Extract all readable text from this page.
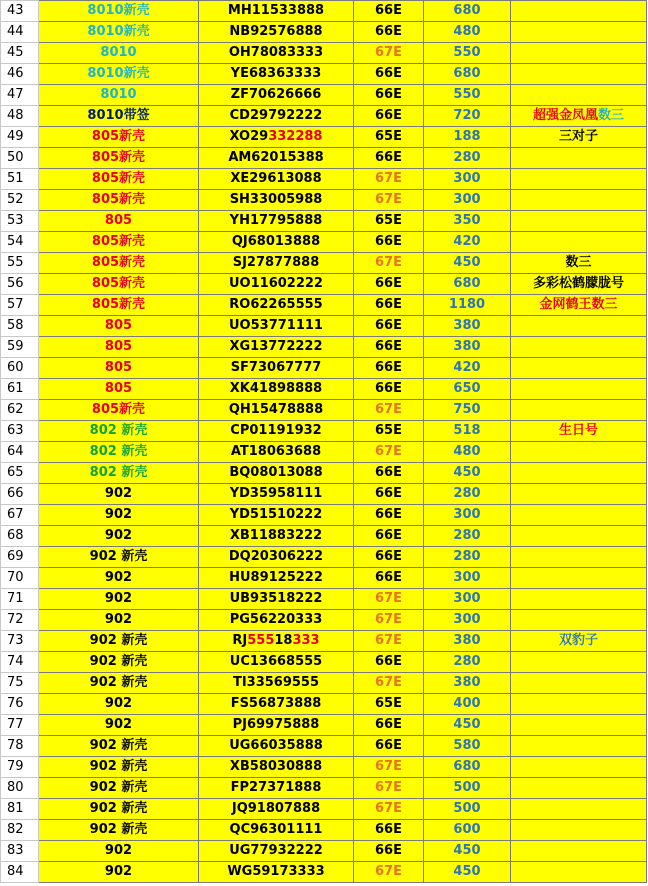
43	8010新壳	MH11533888	66E	680	
44	8010新壳	NB92576888	66E	480	
45	8010	OH78083333	67E	550	
46	8010新壳	YE68363333	66E	680	
47	8010	ZF70626666	66E	550	
48	8010带签	CD29792222	66E	720	超强金凤凰数三
49	805新壳	XO29332288	65E	188	三对子
50	805新壳	AM62015388	66E	280	
51	805新壳	XE29613088	67E	300	
52	805新壳	SH33005988	67E	300	
53	805	YH17795888	65E	350	
54	805新壳	QJ68013888	66E	420	
55	805新壳	SJ27877888	67E	450	数三
56	805新壳	UO11602222	66E	680	多彩松鹤朦胧号
57	805新壳	RO62265555	66E	1180	金网鹤王数三
58	805	UO53771111	66E	380	
59	805	XG13772222	66E	380	
60	805	SF73067777	66E	420	
61	805	XK41898888	66E	650	
62	805新壳	QH15478888	67E	750	
63	802 新壳	CP01191932	65E	518	生日号
64	802 新壳	AT18063688	67E	480	
65	802 新壳	BQ08013088	66E	450	
66	902	YD35958111	66E	280	
67	902	YD51510222	66E	300	
68	902	XB11883222	66E	280	
69	902 新壳	DQ20306222	66E	280	
70	902	HU89125222	66E	300	
71	902	UB93518222	67E	300	
72	902	PG56220333	67E	300	
73	902 新壳	RJ55518333	67E	380	双豹子
74	902 新壳	UC13668555	66E	280	
75	902 新壳	TI33569555	67E	380	
76	902	FS56873888	65E	400	
77	902	PJ69975888	66E	450	
78	902 新壳	UG66035888	66E	580	
79	902 新壳	XB58030888	67E	680	
80	902 新壳	FP27371888	67E	500	
81	902 新壳	JQ91807888	67E	500	
82	902 新壳	QC96301111	66E	600	
83	902	UG77932222	66E	450	
84	902	WG59173333	67E	450	
